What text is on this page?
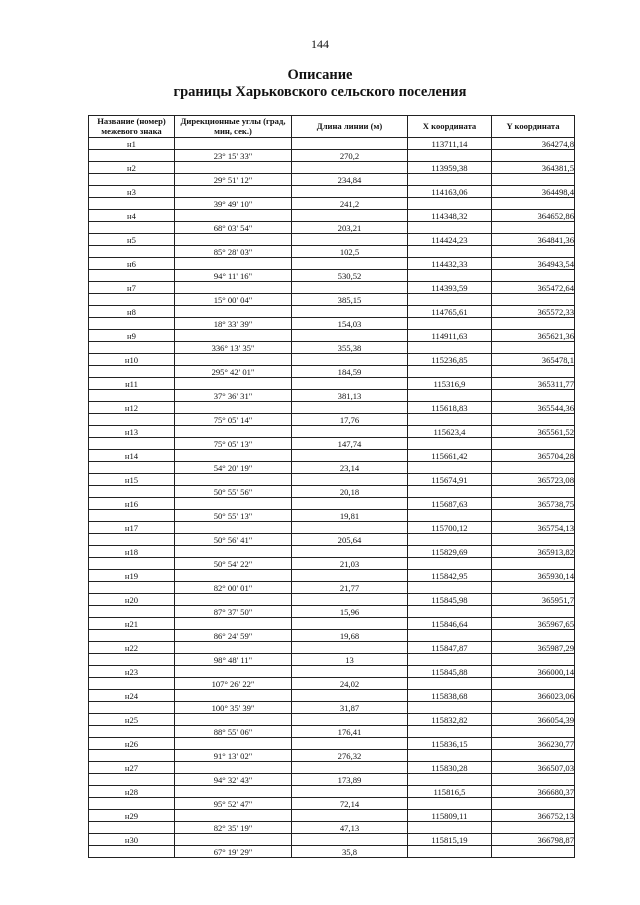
144
Описание
границы Харьковского сельского поселения
Название (номер) межевого знака	Дирекционные углы (град, мин, сек.)	Длина линии (м)	X координата	Y координата
н1			113711,14	364274,8
	23° 15' 33"	270,2		
н2			113959,38	364381,5
	29° 51' 12"	234,84		
н3			114163,06	364498,4
	39° 49' 10"	241,2		
н4			114348,32	364652,86
	68° 03' 54"	203,21		
н5			114424,23	364841,36
	85° 28' 03"	102,5		
н6			114432,33	364943,54
	94° 11' 16"	530,52		
н7			114393,59	365472,64
	15° 00' 04"	385,15		
н8			114765,61	365572,33
	18° 33' 39"	154,03		
н9			114911,63	365621,36
	336° 13' 35"	355,38		
н10			115236,85	365478,1
	295° 42' 01"	184,59		
н11			115316,9	365311,77
	37° 36' 31"	381,13		
н12			115618,83	365544,36
	75° 05' 14"	17,76		
н13			115623,4	365561,52
	75° 05' 13"	147,74		
н14			115661,42	365704,28
	54° 20' 19"	23,14		
н15			115674,91	365723,08
	50° 55' 56"	20,18		
н16			115687,63	365738,75
	50° 55' 13"	19,81		
н17			115700,12	365754,13
	50° 56' 41"	205,64		
н18			115829,69	365913,82
	50° 54' 22"	21,03		
н19			115842,95	365930,14
	82° 00' 01"	21,77		
н20			115845,98	365951,7
	87° 37' 50"	15,96		
н21			115846,64	365967,65
	86° 24' 59"	19,68		
н22			115847,87	365987,29
	98° 48' 11"	13		
н23			115845,88	366000,14
	107° 26' 22"	24,02		
н24			115838,68	366023,06
	100° 35' 39"	31,87		
н25			115832,82	366054,39
	88° 55' 06"	176,41		
н26			115836,15	366230,77
	91° 13' 02"	276,32		
н27			115830,28	366507,03
	94° 32' 43"	173,89		
н28			115816,5	366680,37
	95° 52' 47"	72,14		
н29			115809,11	366752,13
	82° 35' 19"	47,13		
н30			115815,19	366798,87
	67° 19' 29"	35,8		
